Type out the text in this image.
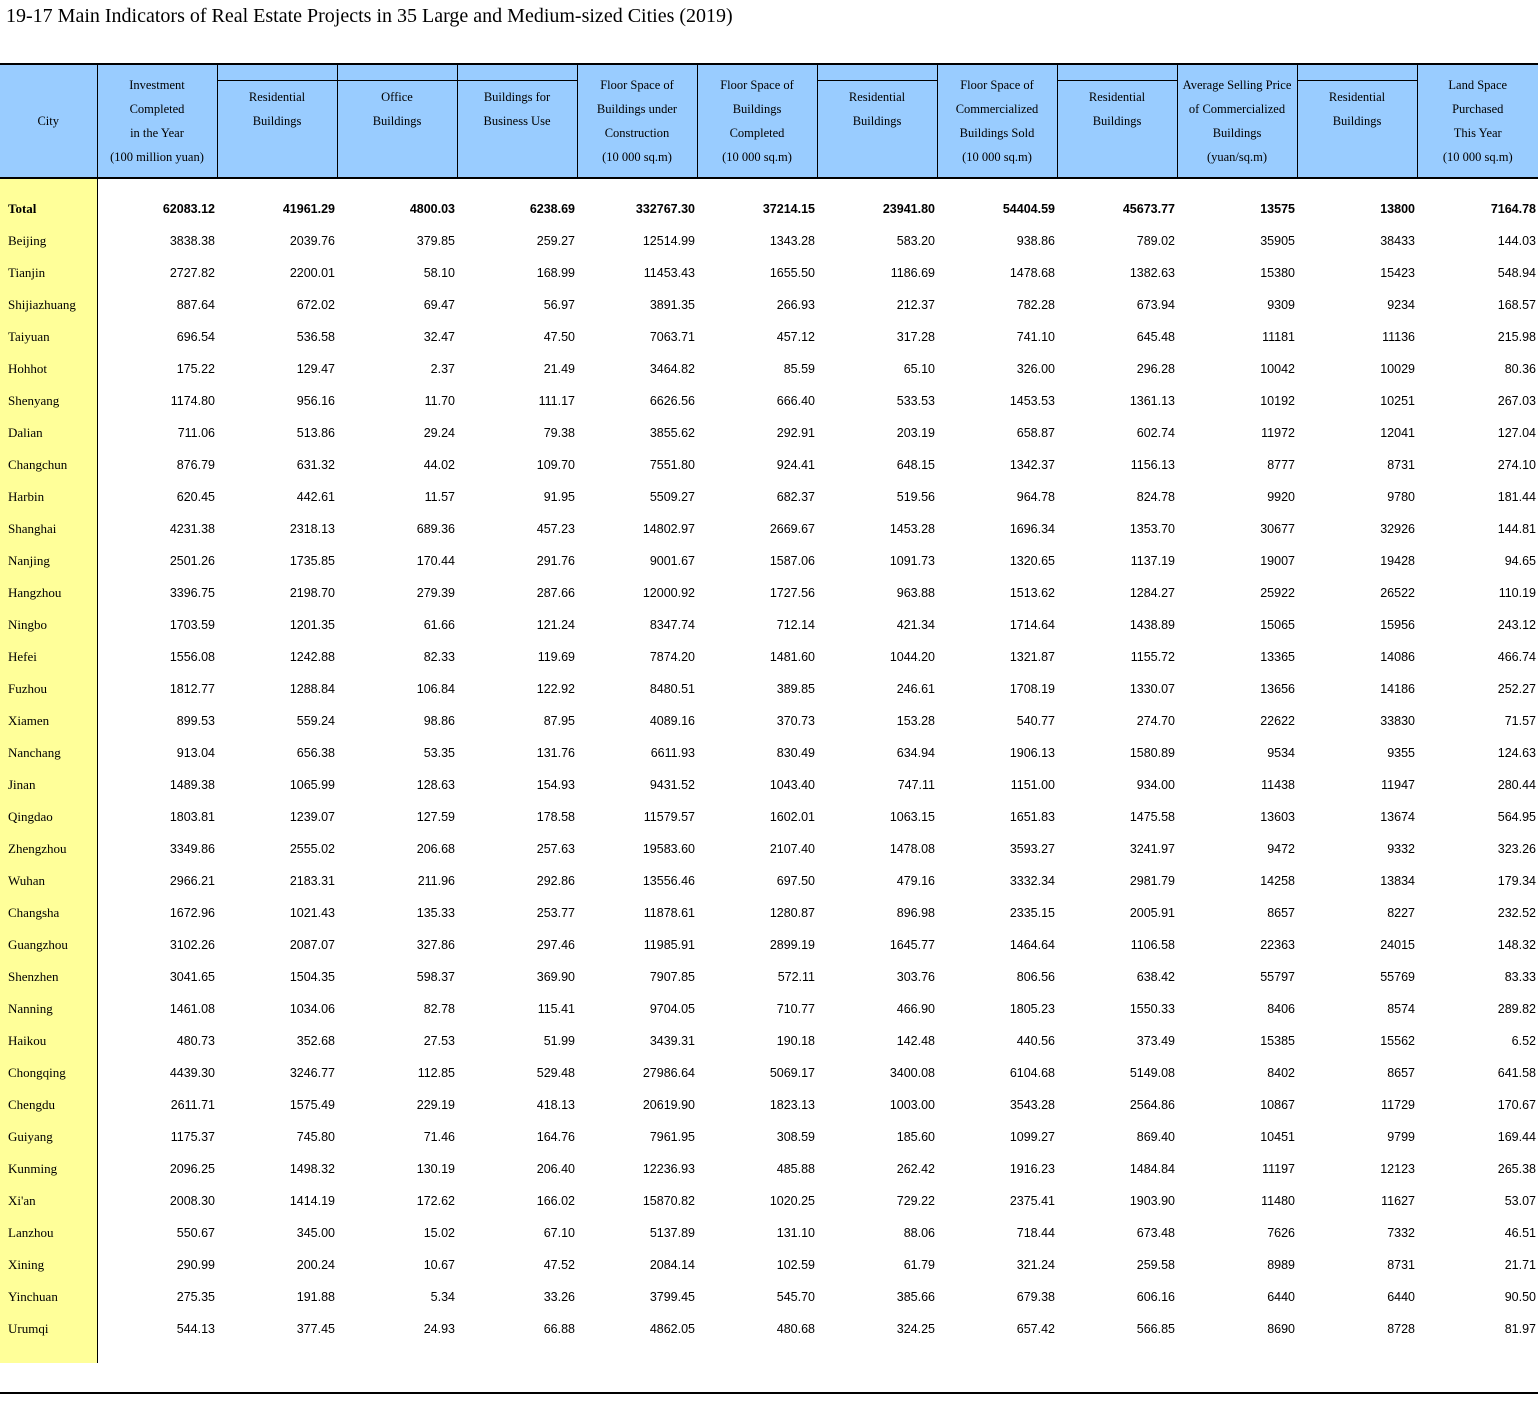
19-17 Main Indicators of Real Estate Projects in 35 Large and Medium-sized Cities (2019)
City	Investment
Completed
in the Year
(100 million yuan)	Residential
Buildings	Office
Buildings	Buildings for
Business Use	Floor Space of
Buildings under
Construction
(10 000 sq.m)	Floor Space of
Buildings
Completed
(10 000 sq.m)	Residential
Buildings	Floor Space of
Commercialized
Buildings Sold
(10 000 sq.m)	Residential
Buildings	Average Selling Price
of Commercialized
Buildings
(yuan/sq.m)	Residential
Buildings	Land Space
Purchased
This Year
(10 000 sq.m)

Total	62083.12	41961.29	4800.03	6238.69	332767.30	37214.15	23941.80	54404.59	45673.77	13575	13800	7164.78
Beijing	3838.38	2039.76	379.85	259.27	12514.99	1343.28	583.20	938.86	789.02	35905	38433	144.03
Tianjin	2727.82	2200.01	58.10	168.99	11453.43	1655.50	1186.69	1478.68	1382.63	15380	15423	548.94
Shijiazhuang	887.64	672.02	69.47	56.97	3891.35	266.93	212.37	782.28	673.94	9309	9234	168.57
Taiyuan	696.54	536.58	32.47	47.50	7063.71	457.12	317.28	741.10	645.48	11181	11136	215.98
Hohhot	175.22	129.47	2.37	21.49	3464.82	85.59	65.10	326.00	296.28	10042	10029	80.36
Shenyang	1174.80	956.16	11.70	111.17	6626.56	666.40	533.53	1453.53	1361.13	10192	10251	267.03
Dalian	711.06	513.86	29.24	79.38	3855.62	292.91	203.19	658.87	602.74	11972	12041	127.04
Changchun	876.79	631.32	44.02	109.70	7551.80	924.41	648.15	1342.37	1156.13	8777	8731	274.10
Harbin	620.45	442.61	11.57	91.95	5509.27	682.37	519.56	964.78	824.78	9920	9780	181.44
Shanghai	4231.38	2318.13	689.36	457.23	14802.97	2669.67	1453.28	1696.34	1353.70	30677	32926	144.81
Nanjing	2501.26	1735.85	170.44	291.76	9001.67	1587.06	1091.73	1320.65	1137.19	19007	19428	94.65
Hangzhou	3396.75	2198.70	279.39	287.66	12000.92	1727.56	963.88	1513.62	1284.27	25922	26522	110.19
Ningbo	1703.59	1201.35	61.66	121.24	8347.74	712.14	421.34	1714.64	1438.89	15065	15956	243.12
Hefei	1556.08	1242.88	82.33	119.69	7874.20	1481.60	1044.20	1321.87	1155.72	13365	14086	466.74
Fuzhou	1812.77	1288.84	106.84	122.92	8480.51	389.85	246.61	1708.19	1330.07	13656	14186	252.27
Xiamen	899.53	559.24	98.86	87.95	4089.16	370.73	153.28	540.77	274.70	22622	33830	71.57
Nanchang	913.04	656.38	53.35	131.76	6611.93	830.49	634.94	1906.13	1580.89	9534	9355	124.63
Jinan	1489.38	1065.99	128.63	154.93	9431.52	1043.40	747.11	1151.00	934.00	11438	11947	280.44
Qingdao	1803.81	1239.07	127.59	178.58	11579.57	1602.01	1063.15	1651.83	1475.58	13603	13674	564.95
Zhengzhou	3349.86	2555.02	206.68	257.63	19583.60	2107.40	1478.08	3593.27	3241.97	9472	9332	323.26
Wuhan	2966.21	2183.31	211.96	292.86	13556.46	697.50	479.16	3332.34	2981.79	14258	13834	179.34
Changsha	1672.96	1021.43	135.33	253.77	11878.61	1280.87	896.98	2335.15	2005.91	8657	8227	232.52
Guangzhou	3102.26	2087.07	327.86	297.46	11985.91	2899.19	1645.77	1464.64	1106.58	22363	24015	148.32
Shenzhen	3041.65	1504.35	598.37	369.90	7907.85	572.11	303.76	806.56	638.42	55797	55769	83.33
Nanning	1461.08	1034.06	82.78	115.41	9704.05	710.77	466.90	1805.23	1550.33	8406	8574	289.82
Haikou	480.73	352.68	27.53	51.99	3439.31	190.18	142.48	440.56	373.49	15385	15562	6.52
Chongqing	4439.30	3246.77	112.85	529.48	27986.64	5069.17	3400.08	6104.68	5149.08	8402	8657	641.58
Chengdu	2611.71	1575.49	229.19	418.13	20619.90	1823.13	1003.00	3543.28	2564.86	10867	11729	170.67
Guiyang	1175.37	745.80	71.46	164.76	7961.95	308.59	185.60	1099.27	869.40	10451	9799	169.44
Kunming	2096.25	1498.32	130.19	206.40	12236.93	485.88	262.42	1916.23	1484.84	11197	12123	265.38
Xi'an	2008.30	1414.19	172.62	166.02	15870.82	1020.25	729.22	2375.41	1903.90	11480	11627	53.07
Lanzhou	550.67	345.00	15.02	67.10	5137.89	131.10	88.06	718.44	673.48	7626	7332	46.51
Xining	290.99	200.24	10.67	47.52	2084.14	102.59	61.79	321.24	259.58	8989	8731	21.71
Yinchuan	275.35	191.88	5.34	33.26	3799.45	545.70	385.66	679.38	606.16	6440	6440	90.50
Urumqi	544.13	377.45	24.93	66.88	4862.05	480.68	324.25	657.42	566.85	8690	8728	81.97
